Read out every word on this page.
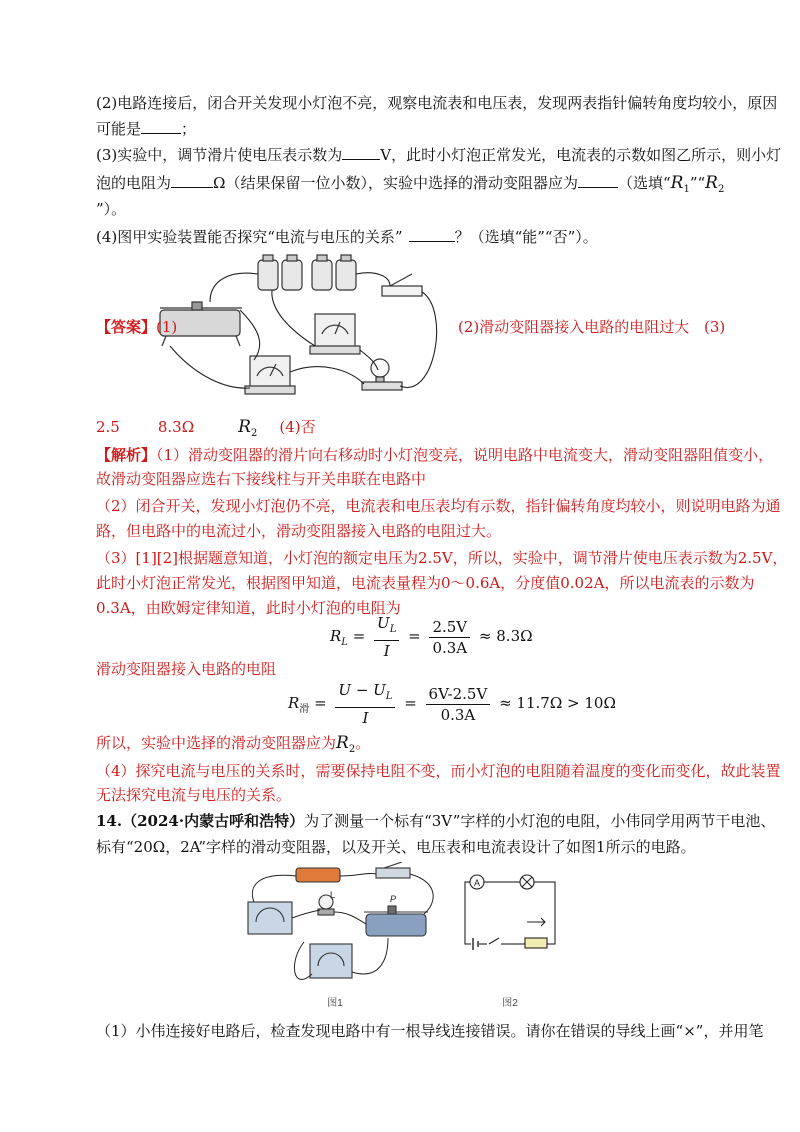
(2)电路连接后，闭合开关发现小灯泡不亮，观察电流表和电压表，发现两表指针偏转角度均较小，原因
可能是	；
(3)实验中，调节滑片使电压表示数为	V，此时小灯泡正常发光，电流表的示数如图乙所示，则小灯
泡的电阻为	Ω（结果保留一位小数），实验中选择的滑动变阻器应为	（选填“$R_1”“R_2$
”）。
(4)图甲实验装置能否探究“电流与电压的关系”	？（选填“能”“否”）。
【答案】(1)	(2)滑动变阻器接入电路的电阻过大 (3)
2.5	8.3Ω	$R_2$ (4)否
【解析】（1）滑动变阻器的滑片向右移动时小灯泡变亮，说明电路中电流变大，滑动变阻器阻值变小，
故滑动变阻器应选右下接线柱与开关串联在电路中
（2）闭合开关，发现小灯泡仍不亮，电流表和电压表均有示数，指针偏转角度均较小，则说明电路为通
路，但电路中的电流过小，滑动变阻器接入电路的电阻过大。
（3）[1][2]根据题意知道，小灯泡的额定电压为2.5V，所以，实验中，调节滑片使电压表示数为2.5V，
此时小灯泡正常发光，根据图甲知道，电流表量程为0～0.6A，分度值0.02A，所以电流表的示数为
0.3A，由欧姆定律知道，此时小灯泡的电阻为
$R_L = \frac{U_L}{I} = \frac{2.5V}{0.3A} \approx 8.3\Omega$
滑动变阻器接入电路的电阻
$R_滑 = \frac{U - U_L}{I} = \frac{6V-2.5V}{0.3A} \approx 11.7\Omega > 10\Omega$
所以，实验中选择的滑动变阻器应为$R_2$。
（4）探究电流与电压的关系时，需要保持电阻不变，而小灯泡的电阻随着温度的变化而变化，故此装置
无法探究电流与电压的关系。
14.（2024·内蒙古呼和浩特）为了测量一个标有“3V”字样的小灯泡的电阻，小伟同学用两节干电池、
标有“20Ω，2A”字样的滑动变阻器，以及开关、电压表和电流表设计了如图1所示的电路。
L	P
图1
A
图2
（1）小伟连接好电路后，检查发现电路中有一根导线连接错误。请你在错误的导线上画“×”，并用笔
